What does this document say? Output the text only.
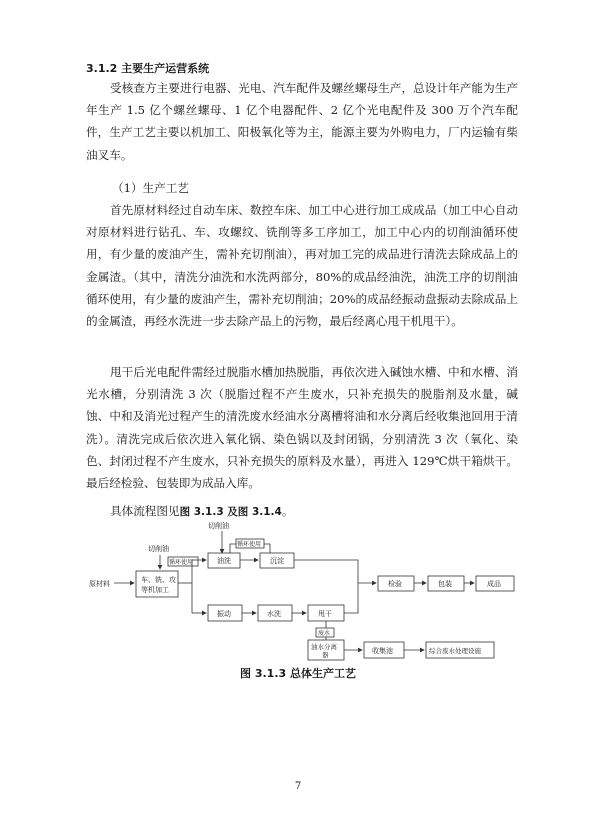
3.1.2 主要生产运营系统

受核查方主要进行电器、光电、汽车配件及螺丝螺母生产，总设计年产能为生产年生产 1.5 亿个螺丝螺母、1 亿个电器配件、2 亿个光电配件及 300 万个汽车配件，生产工艺主要以机加工、阳极氧化等为主，能源主要为外购电力，厂内运输有柴油叉车。

（1）生产工艺

首先原材料经过自动车床、数控车床、加工中心进行加工成成品（加工中心自动对原材料进行钻孔、车、攻螺纹、铣削等多工序加工，加工中心内的切削油循环使用，有少量的废油产生，需补充切削油），再对加工完的成品进行清洗去除成品上的金属渣。（其中，清洗分油洗和水洗两部分，80%的成品经油洗，油洗工序的切削油循环使用，有少量的废油产生，需补充切削油；20%的成品经振动盘振动去除成品上的金属渣，再经水洗进一步去除产品上的污物，最后经离心甩干机甩干）。

甩干后光电配件需经过脱脂水槽加热脱脂，再依次进入碱蚀水槽、中和水槽、消光水槽，分别清洗 3 次（脱脂过程不产生废水，只补充损失的脱脂剂及水量，碱蚀、中和及消光过程产生的清洗废水经油水分离槽将油和水分离后经收集池回用于清洗）。清洗完成后依次进入氧化锅、染色锅以及封闭锅，分别清洗 3 次（氧化、染色、封闭过程不产生废水，只补充损失的原料及水量），再进入 129℃烘干箱烘干。最后经检验、包装即为成品入库。

具体流程图见图 3.1.3 及图 3.1.4。
切削油
循环使用
切削油
循环使用
原材料	车、铣、攻
等机加工
油洗	沉淀
振动	水洗	甩干
废水
油水分离
器	收集池	综合废水处理设施
检验	包装	成品
图 3.1.3 总体生产工艺
7
